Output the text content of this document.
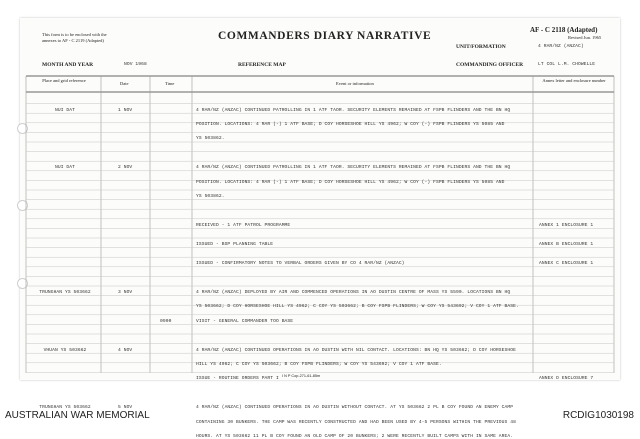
This form is to be enclosed with the
annexes to AF - C 2119 (Adapted)	COMMANDERS DIARY NARRATIVE	AF - C 2118 (Adapted)
Revised Jun. 1965
UNIT/FORMATION	4 RAR/NZ (ANZAC)
MONTH AND YEAR	NOV 1968	REFERENCE MAP	COMMANDING OFFICER	LT COL L.M. CHOWELLE
Place and grid reference
Date	Time	Event or information
Annex letter and enclosure number
NUI DAT	1 NOV	4 RAR/NZ (ANZAC) CONTINUED PATROLLING IN 1 ATF TAOR. SECURITY ELEMENTS REMAINED AT FSPB FLINDERS AND THE BN HQ
POSITION. LOCATIONS: 4 RAR (-) 1 ATF BASE; D COY HORSESHOE HILL YS 4962; W COY (-) FSPB FLINDERS YS 5085 AND
YS 503862.
NUI DAT	2 NOV	4 RAR/NZ (ANZAC) CONTINUED PATROLLING IN 1 ATF TAOR. SECURITY ELEMENTS REMAINED AT FSPB FLINDERS AND THE BN HQ
POSITION. LOCATIONS: 4 RAR (-) 1 ATF BASE; D COY HORSESHOE HILL YS 4962; W COY (-) FSPB FLINDERS YS 5085 AND
YS 503862.
RECEIVED - 1 ATF PATROL PROGRAMME	ANNEX 1 ENCLOSURE 1
ISSUED - BSP PLANNING TABLE	ANNEX B ENCLOSURE 1
ISSUED - CONFIRMATORY NOTES TO VERBAL ORDERS GIVEN BY CO 4 RAR/NZ (ANZAC)	ANNEX C ENCLOSURE 1
TRUNGHAN YS 503662	3 NOV	4 RAR/NZ (ANZAC) DEPLOYED BY AIR AND COMMENCED OPERATIONS IN AO DUSTIN CENTRE OF MASS YS 5590. LOCATIONS BN HQ
YS 503662; D COY HORSESHOE HILL YS 4962; C COY YS 503662; B COY FSPB FLINDERS; W COY YS 543692; V COY 1 ATF BASE.
0900	VISIT - GENERAL COMMANDER TOO BASE
VHUAN YS 503662	4 NOV	4 RAR/NZ (ANZAC) CONTINUED OPERATIONS IN AO DUSTIN WITH NIL CONTACT. LOCATIONS: BN HQ YS 503662; D COY HORSESHOE
HILL YS 4962; C COY YS 503662; B COY FSPB FLINDERS; W COY YS 543692; V COY 1 ATF BASE.
ISSUE - ROUTINE ORDERS PART I	ANNEX D ENCLOSURE 7
TRUNGHAN YS 503662	5 NOV	4 RAR/NZ (ANZAC) CONTINUED OPERATIONS IN AO DUSTIN WITHOUT CONTACT. AT YS 503662 2 PL B COY FOUND AN ENEMY CAMP
CONTAINING 30 BUNKERS. THE CAMP WAS RECENTLY CONSTRUCTED AND HAD BEEN USED BY 4-5 PERSONS WITHIN THE PREVIOUS 48
HOURS. AT YS 503662 11 PL B COY FOUND AN OLD CAMP OF 20 BUNKERS; 2 WERE RECENTLY BUILT CAMPS WITH IN SAME AREA.
I N P Cop-271-61-85m
AUSTRALIAN WAR MEMORIAL	RCDIG1030198
